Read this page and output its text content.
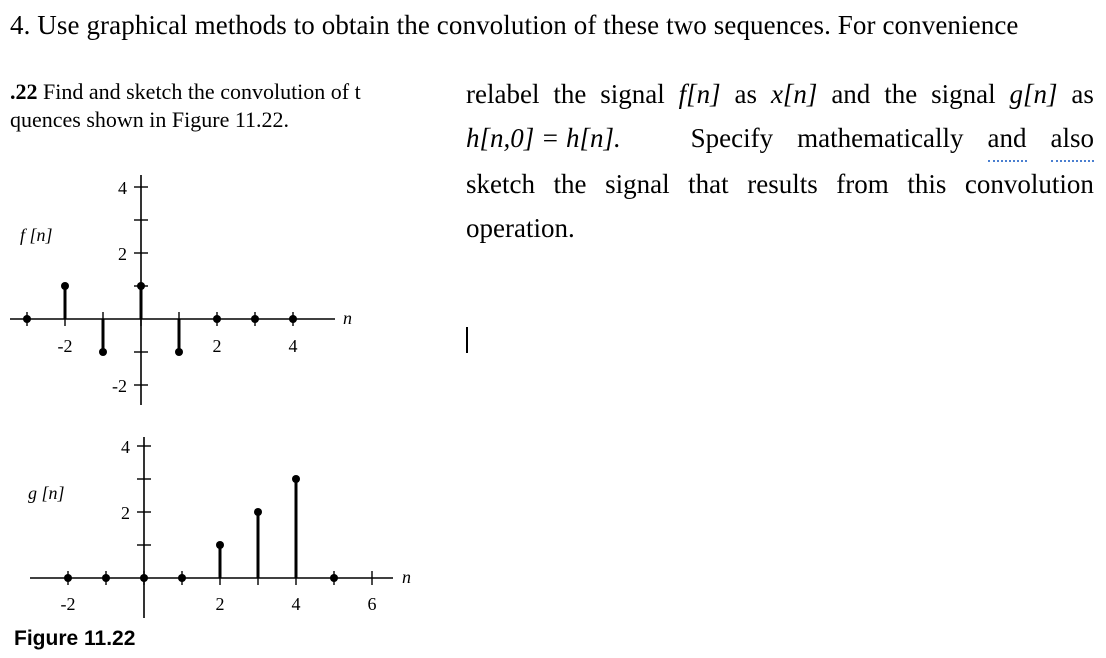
4. Use graphical methods to obtain the convolution of these two sequences. For convenience
.22 Find and sketch the convolution of t
quences shown in Figure 11.22.
relabel the signal f[n] as x[n] and the signal g[n] as
h[n,0] = h[n].	Specify mathematically and also
sketch the signal that results from this convolution
operation.
4
2
-2
-2	2	4
n
f [n]
4
2
-2	2	4	6
n
g [n]
Figure 11.22
